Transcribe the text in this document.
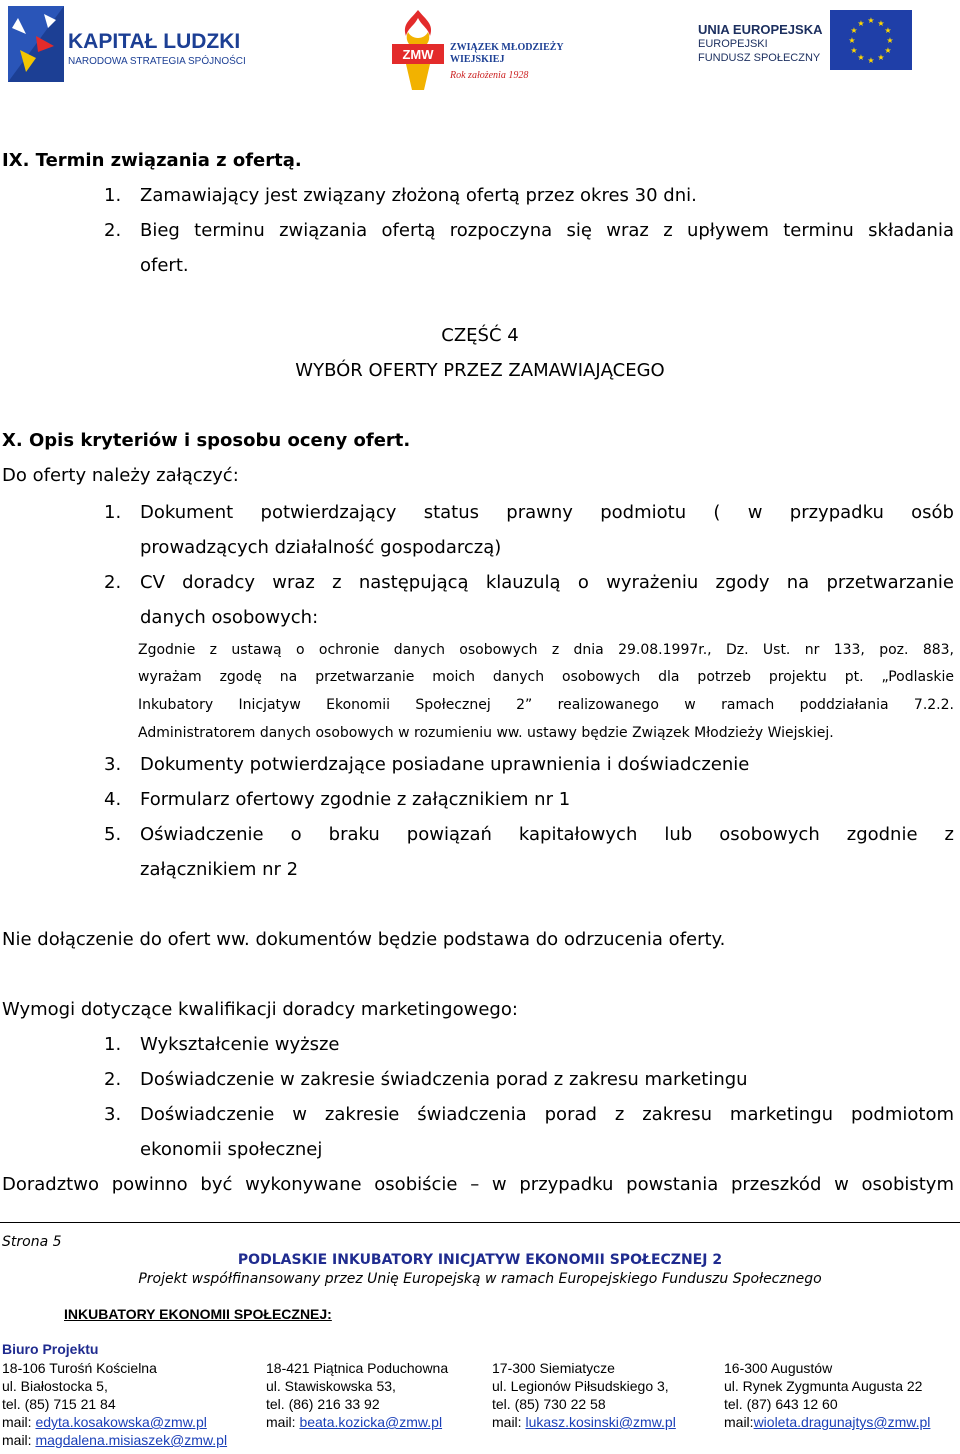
KAPITAŁ LUDZKI
NARODOWA STRATEGIA SPÓJNOŚCI	ZMW ZWIĄZEK MŁODZIEŻY
WIEJSKIEJ
Rok założenia 1928
UNIA EUROPEJSKA
EUROPEJSKI
FUNDUSZ SPOŁECZNY
★ ★
★
★
★
★
★
★
★
★
★
★
IX. Termin związania z ofertą.
1. Zamawiający jest związany złożoną ofertą przez okres 30 dni.
2. Bieg terminu związania ofertą rozpoczyna się wraz z upływem terminu składania
ofert.
CZĘŚĆ 4
WYBÓR OFERTY PRZEZ ZAMAWIAJĄCEGO
X. Opis kryteriów i sposobu oceny ofert.
Do oferty należy załączyć:
1. Dokument potwierdzający status prawny podmiotu ( w przypadku osób
prowadzących działalność gospodarczą)
2. CV doradcy wraz z następującą klauzulą o wyrażeniu zgody na przetwarzanie
danych osobowych:
Zgodnie z ustawą o ochronie danych osobowych z dnia 29.08.1997r., Dz. Ust. nr 133, poz. 883,
wyrażam zgodę na przetwarzanie moich danych osobowych dla potrzeb projektu pt. „Podlaskie
Inkubatory Inicjatyw Ekonomii Społecznej 2” realizowanego w ramach poddziałania 7.2.2.
Administratorem danych osobowych w rozumieniu ww. ustawy będzie Związek Młodzieży Wiejskiej.
3. Dokumenty potwierdzające posiadane uprawnienia i doświadczenie
4. Formularz ofertowy zgodnie z załącznikiem nr 1
5. Oświadczenie o braku powiązań kapitałowych lub osobowych zgodnie z
załącznikiem nr 2
Nie dołączenie do ofert ww. dokumentów będzie podstawa do odrzucenia oferty.
Wymogi dotyczące kwalifikacji doradcy marketingowego:
1. Wykształcenie wyższe
2. Doświadczenie w zakresie świadczenia porad z zakresu marketingu
3. Doświadczenie w zakresie świadczenia porad z zakresu marketingu podmiotom
ekonomii społecznej
Doradztwo powinno być wykonywane osobiście – w przypadku powstania przeszkód w osobistym
Strona 5
PODLASKIE INKUBATORY INICJATYW EKONOMII SPOŁECZNEJ 2
Projekt współfinansowany przez Unię Europejską w ramach Europejskiego Funduszu Społecznego
INKUBATORY EKONOMII SPOŁECZNEJ:
Biuro Projektu
18-106 Turośń Kościelna
ul. Białostocka 5,
tel. (85) 715 21 84
mail: edyta.kosakowska@zmw.pl
mail: magdalena.misiaszek@zmw.pl
18-421 Piątnica Poduchowna
ul. Stawiskowska 53,
tel. (86) 216 33 92
mail: beata.kozicka@zmw.pl
17-300 Siemiatycze
ul. Legionów Piłsudskiego 3,
tel. (85) 730 22 58
mail: lukasz.kosinski@zmw.pl
16-300 Augustów
ul. Rynek Zygmunta Augusta 22
tel. (87) 643 12 60
mail:wioleta.dragunajtys@zmw.pl
